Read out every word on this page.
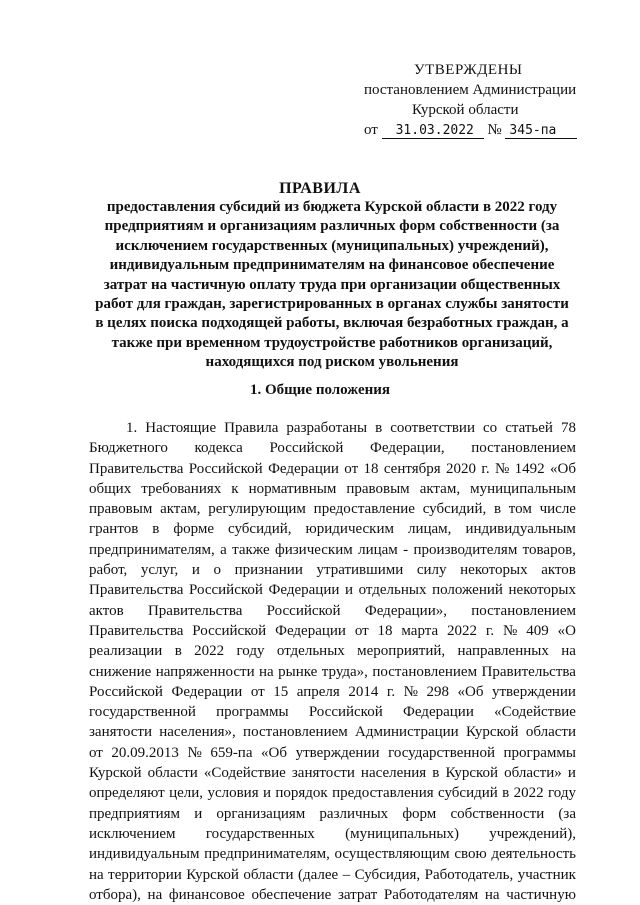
УТВЕРЖДЕНЫ
постановлением Администрации
Курской области
от 31.03.2022 № 345-па
ПРАВИЛА
предоставления субсидий из бюджета Курской области в 2022 году
предприятиям и организациям различных форм собственности (за
исключением государственных (муниципальных) учреждений),
индивидуальным предпринимателям на финансовое обеспечение
затрат на частичную оплату труда при организации общественных
работ для граждан, зарегистрированных в органах службы занятости
в целях поиска подходящей работы, включая безработных граждан, а
также при временном трудоустройстве работников организаций,
находящихся под риском увольнения
1. Общие положения
1. Настоящие Правила разработаны в соответствии со статьей 78
Бюджетного кодекса Российской Федерации, постановлением
Правительства Российской Федерации от 18 сентября 2020 г. № 1492 «Об
общих требованиях к нормативным правовым актам, муниципальным
правовым актам, регулирующим предоставление субсидий, в том числе
грантов в форме субсидий, юридическим лицам, индивидуальным
предпринимателям, а также физическим лицам - производителям товаров,
работ, услуг, и о признании утратившими силу некоторых актов
Правительства Российской Федерации и отдельных положений некоторых
актов Правительства Российской Федерации», постановлением
Правительства Российской Федерации от 18 марта 2022 г. № 409 «О
реализации в 2022 году отдельных мероприятий, направленных на
снижение напряженности на рынке труда», постановлением Правительства
Российской Федерации от 15 апреля 2014 г. № 298 «Об утверждении
государственной программы Российской Федерации «Содействие
занятости населения», постановлением Администрации Курской области
от 20.09.2013 № 659-па «Об утверждении государственной программы
Курской области «Содействие занятости населения в Курской области» и
определяют цели, условия и порядок предоставления субсидий в 2022 году
предприятиям и организациям различных форм собственности (за
исключением государственных (муниципальных) учреждений),
индивидуальным предпринимателям, осуществляющим свою деятельность
на территории Курской области (далее – Субсидия, Работодатель, участник
отбора), на финансовое обеспечение затрат Работодателям на частичную
